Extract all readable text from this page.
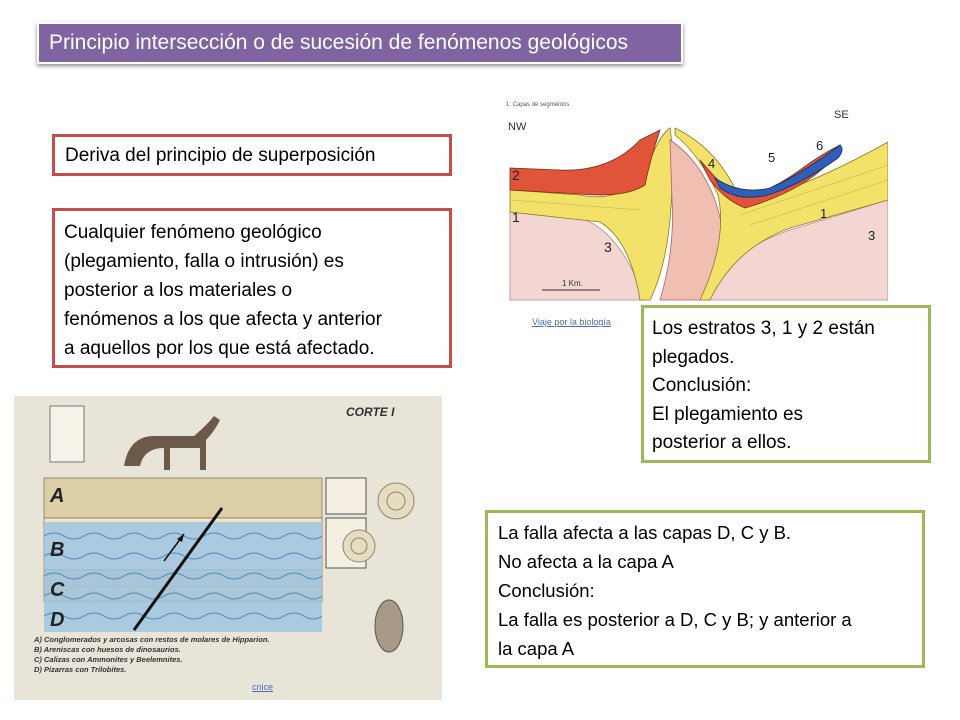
Principio intersección o de sucesión de fenómenos geológicos
Deriva del principio de superposición
Cualquier fenómeno geológico
(plegamiento, falla o intrusión) es
posterior a los materiales o
fenómenos a los que afecta y anterior
a aquellos por los que está afectado.
1: Capas de segmentos
NW
SE
2
1
3
4	5
6
1
3
1 Km.
Viaje por la biología Los estratos 3, 1 y 2 están
plegados.
Conclusión:
El plegamiento es
posterior a ellos.
A
B
C
D
CORTE I
A) Conglomerados y arcosas con restos de molares de Hipparion.
B) Areniscas con huesos de dinosaurios.
C) Calizas con Ammonites y Beelemnites.
D) Pizarras con Trilobites.
cnice
La falla afecta a las capas D, C y B.
No afecta a la capa A
Conclusión:
La falla es posterior a D, C y B; y anterior a
la capa A
